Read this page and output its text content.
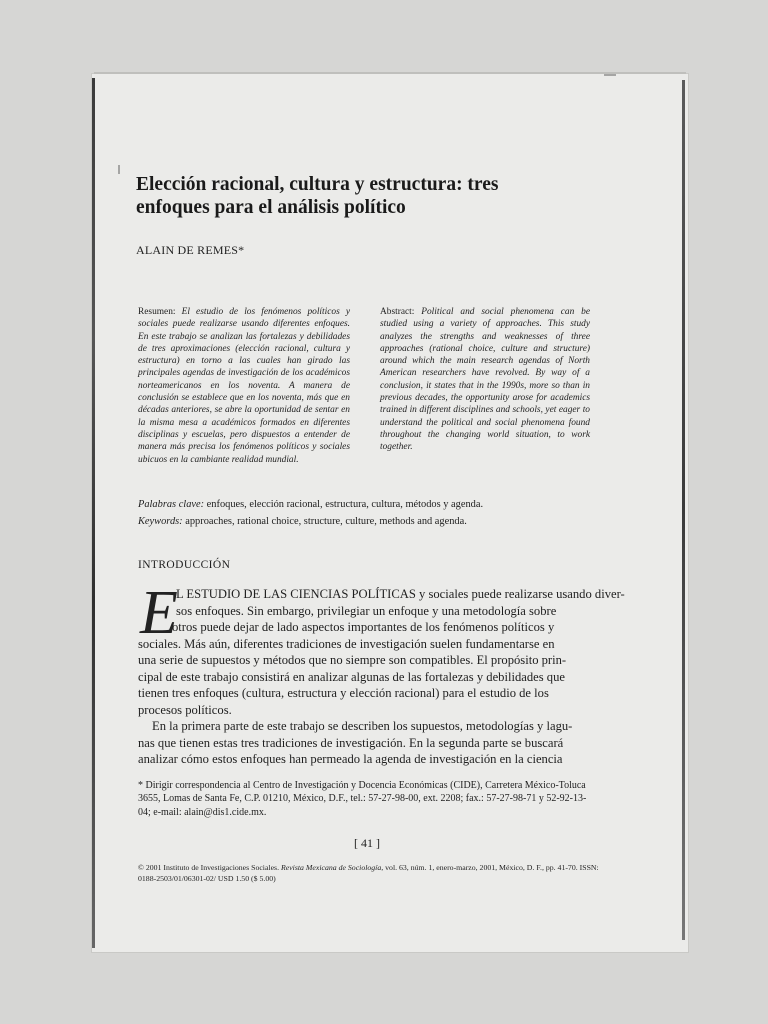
Elección racional, cultura y estructura: tres enfoques para el análisis político
ALAIN DE REMES*
Resumen: El estudio de los fenómenos políticos y sociales puede realizarse usando diferentes enfoques. En este trabajo se analizan las fortalezas y debilidades de tres aproximaciones (elección racional, cultura y estructura) en torno a las cuales han girado las principales agendas de investigación de los académicos norteamericanos en los noventa. A manera de conclusión se establece que en los noventa, más que en décadas anteriores, se abre la oportunidad de sentar en la misma mesa a académicos formados en diferentes disciplinas y escuelas, pero dispuestos a entender de manera más precisa los fenómenos políticos y sociales ubicuos en la cambiante realidad mundial.
Abstract: Political and social phenomena can be studied using a variety of approaches. This study analyzes the strengths and weaknesses of three approaches (rational choice, culture and structure) around which the main research agendas of North American researchers have revolved. By way of a conclusion, it states that in the 1990s, more so than in previous decades, the opportunity arose for academics trained in different disciplines and schools, yet eager to understand the political and social phenomena found throughout the changing world situation, to work together.
Palabras clave: enfoques, elección racional, estructura, cultura, métodos y agenda.
Keywords: approaches, rational choice, structure, culture, methods and agenda.
INTRODUCCIÓN
E
L ESTUDIO DE LAS CIENCIAS POLÍTICAS y sociales puede realizarse usando diver-
sos enfoques. Sin embargo, privilegiar un enfoque y una metodología sobre
otros puede dejar de lado aspectos importantes de los fenómenos políticos y
sociales. Más aún, diferentes tradiciones de investigación suelen fundamentarse en
una serie de supuestos y métodos que no siempre son compatibles. El propósito prin-
cipal de este trabajo consistirá en analizar algunas de las fortalezas y debilidades que
tienen tres enfoques (cultura, estructura y elección racional) para el estudio de los
procesos políticos.
En la primera parte de este trabajo se describen los supuestos, metodologías y lagu-
nas que tienen estas tres tradiciones de investigación. En la segunda parte se buscará
analizar cómo estos enfoques han permeado la agenda de investigación en la ciencia
* Dirigir correspondencia al Centro de Investigación y Docencia Económicas (CIDE), Carretera México-Toluca 3655, Lomas de Santa Fe, C.P. 01210, México, D.F., tel.: 57-27-98-00, ext. 2208; fax.: 57-27-98-71 y 52-92-13-04; e-mail: alain@dis1.cide.mx.
[ 41 ]
© 2001 Instituto de Investigaciones Sociales. Revista Mexicana de Sociología, vol. 63, núm. 1, enero-marzo, 2001, México, D. F., pp. 41-70. ISSN: 0188-2503/01/06301-02/ USD 1.50 ($ 5.00)
